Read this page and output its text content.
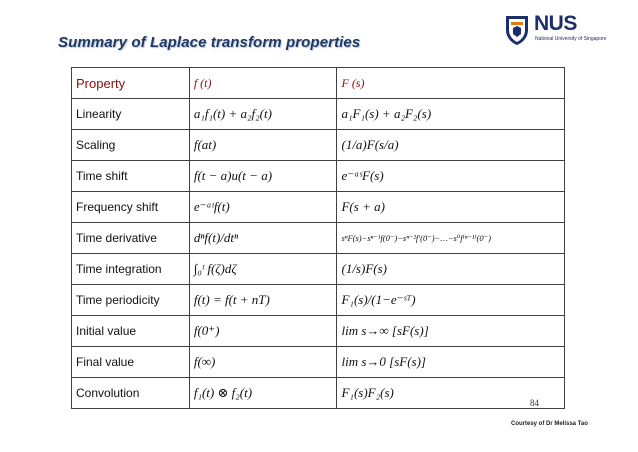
Summary of Laplace transform properties
NUS
National University of Singapore
Property	f (t)	F (s)
Linearity	a₁f₁(t) + a₂f₂(t)	a₁F₁(s) + a₂F₂(s)
Scaling	f(at)	(1/a)F(s/a)
Time shift	f(t − a)u(t − a)	e⁻ᵃˢF(s)
Frequency shift	e⁻ᵃᵗf(t)	F(s + a)
Time derivative	dⁿf(t)/dtⁿ	sⁿF(s)−sⁿ⁻¹f(0⁻)−sⁿ⁻²f′(0⁻)−…−s⁰f⁽ⁿ⁻¹⁾(0⁻)
Time integration	∫₀ᵗ f(ζ)dζ	(1/s)F(s)
Time periodicity	f(t) = f(t + nT)	F₁(s)/(1−e⁻ˢᵀ)
Initial value	f(0⁺)	lim s→∞ [sF(s)]
Final value	f(∞)	lim s→0 [sF(s)]
Convolution	f₁(t) ⊗ f₂(t)	F₁(s)F₂(s)
84
Courtesy of Dr Melissa Tao
